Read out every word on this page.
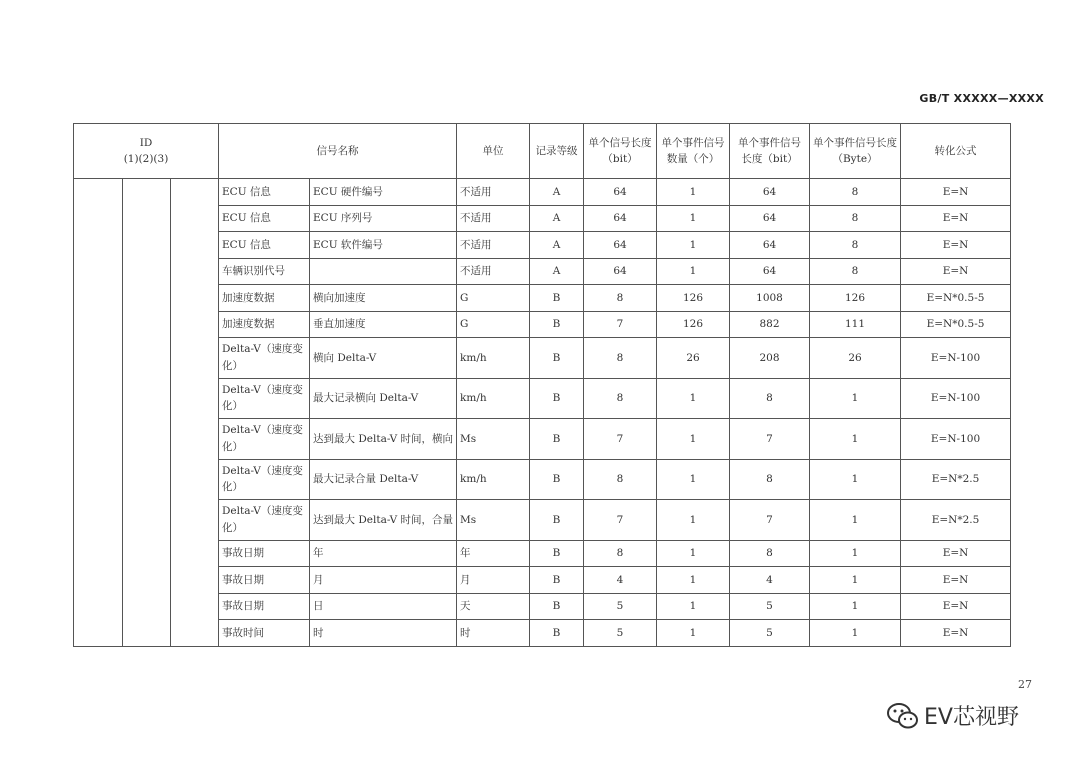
GB/T XXXXX—XXXX
ID
(1)(2)(3)			信号名称		单位	记录等级	单个信号长度（bit）	单个事件信号数量（个）	单个事件信号长度（bit）	单个事件信号长度（Byte）	转化公式
			ECU 信息	ECU 硬件编号	不适用	A	64	1	64	8	E=N
			ECU 信息	ECU 序列号	不适用	A	64	1	64	8	E=N
			ECU 信息	ECU 软件编号	不适用	A	64	1	64	8	E=N
			车辆识别代号		不适用	A	64	1	64	8	E=N
			加速度数据	横向加速度	G	B	8	126	1008	126	E=N*0.5-5
			加速度数据	垂直加速度	G	B	7	126	882	111	E=N*0.5-5
			Delta-V（速度变化）	横向 Delta-V	km/h	B	8	26	208	26	E=N-100
			Delta-V（速度变化）	最大记录横向 Delta-V	km/h	B	8	1	8	1	E=N-100
			Delta-V（速度变化）	达到最大 Delta-V 时间，横向	Ms	B	7	1	7	1	E=N-100
			Delta-V（速度变化）	最大记录合量 Delta-V	km/h	B	8	1	8	1	E=N*2.5
			Delta-V（速度变化）	达到最大 Delta-V 时间，合量	Ms	B	7	1	7	1	E=N*2.5
			事故日期	年	年	B	8	1	8	1	E=N
			事故日期	月	月	B	4	1	4	1	E=N
			事故日期	日	天	B	5	1	5	1	E=N
			事故时间	时	时	B	5	1	5	1	E=N
27
EV芯视野
